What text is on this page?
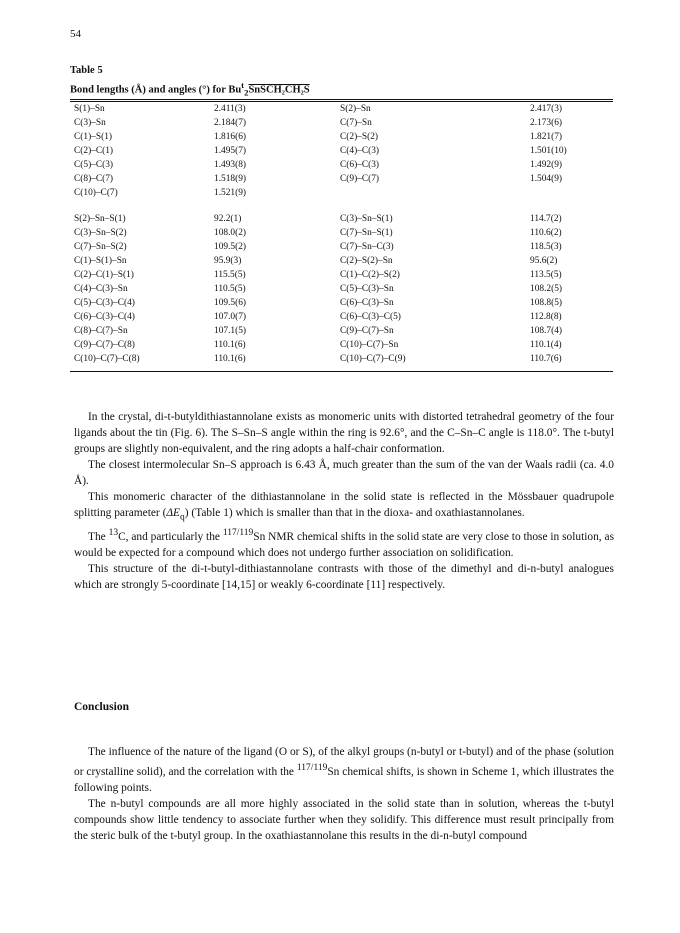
54
Table 5
Bond lengths (Å) and angles (°) for $Bu^t_2SnSCH_2CH_2S$
S(1)–Sn	2.411(3)	S(2)–Sn	2.417(3)
C(3)–Sn	2.184(7)	C(7)–Sn	2.173(6)
C(1)–S(1)	1.816(6)	C(2)–S(2)	1.821(7)
C(2)–C(1)	1.495(7)	C(4)–C(3)	1.501(10)
C(5)–C(3)	1.493(8)	C(6)–C(3)	1.492(9)
C(8)–C(7)	1.518(9)	C(9)–C(7)	1.504(9)
C(10)–C(7)	1.521(9)
S(2)–Sn–S(1)	92.2(1)	C(3)–Sn–S(1)	114.7(2)
C(3)–Sn–S(2)	108.0(2)	C(7)–Sn–S(1)	110.6(2)
C(7)–Sn–S(2)	109.5(2)	C(7)–Sn–C(3)	118.5(3)
C(1)–S(1)–Sn	95.9(3)	C(2)–S(2)–Sn	95.6(2)
C(2)–C(1)–S(1)	115.5(5)	C(1)–C(2)–S(2)	113.5(5)
C(4)–C(3)–Sn	110.5(5)	C(5)–C(3)–Sn	108.2(5)
C(5)–C(3)–C(4)	109.5(6)	C(6)–C(3)–Sn	108.8(5)
C(6)–C(3)–C(4)	107.0(7)	C(6)–C(3)–C(5)	112.8(8)
C(8)–C(7)–Sn	107.1(5)	C(9)–C(7)–Sn	108.7(4)
C(9)–C(7)–C(8)	110.1(6)	C(10)–C(7)–Sn	110.1(4)
C(10)–C(7)–C(8)	110.1(6)	C(10)–C(7)–C(9)	110.7(6)

In the crystal, di-t-butyldithiastannolane exists as monomeric units with distorted tetrahedral geometry of the four ligands about the tin (Fig. 6). The S–Sn–S angle within the ring is 92.6°, and the C–Sn–C angle is 118.0°. The t-butyl groups are slightly non-equivalent, and the ring adopts a half-chair conformation.

The closest intermolecular Sn–S approach is 6.43 Å, much greater than the sum of the van der Waals radii (ca. 4.0 Å).

This monomeric character of the dithiastannolane in the solid state is reflected in the Mössbauer quadrupole splitting parameter $(\Delta E_q)$ (Table 1) which is smaller than that in the dioxa- and oxathiastannolanes.

The $^{13}$C, and particularly the $^{117/119}$Sn NMR chemical shifts in the solid state are very close to those in solution, as would be expected for a compound which does not undergo further association on solidification.

This structure of the di-t-butyl-dithiastannolane contrasts with those of the dimethyl and di-n-butyl analogues which are strongly 5-coordinate [14,15] or weakly 6-coordinate [11] respectively.

Conclusion

The influence of the nature of the ligand (O or S), of the alkyl groups (n-butyl or t-butyl) and of the phase (solution or crystalline solid), and the correlation with the $^{117/119}$Sn chemical shifts, is shown in Scheme 1, which illustrates the following points.

The n-butyl compounds are all more highly associated in the solid state than in solution, whereas the t-butyl compounds show little tendency to associate further when they solidify. This difference must result principally from the steric bulk of the t-butyl group. In the oxathiastannolane this results in the di-n-butyl compound
